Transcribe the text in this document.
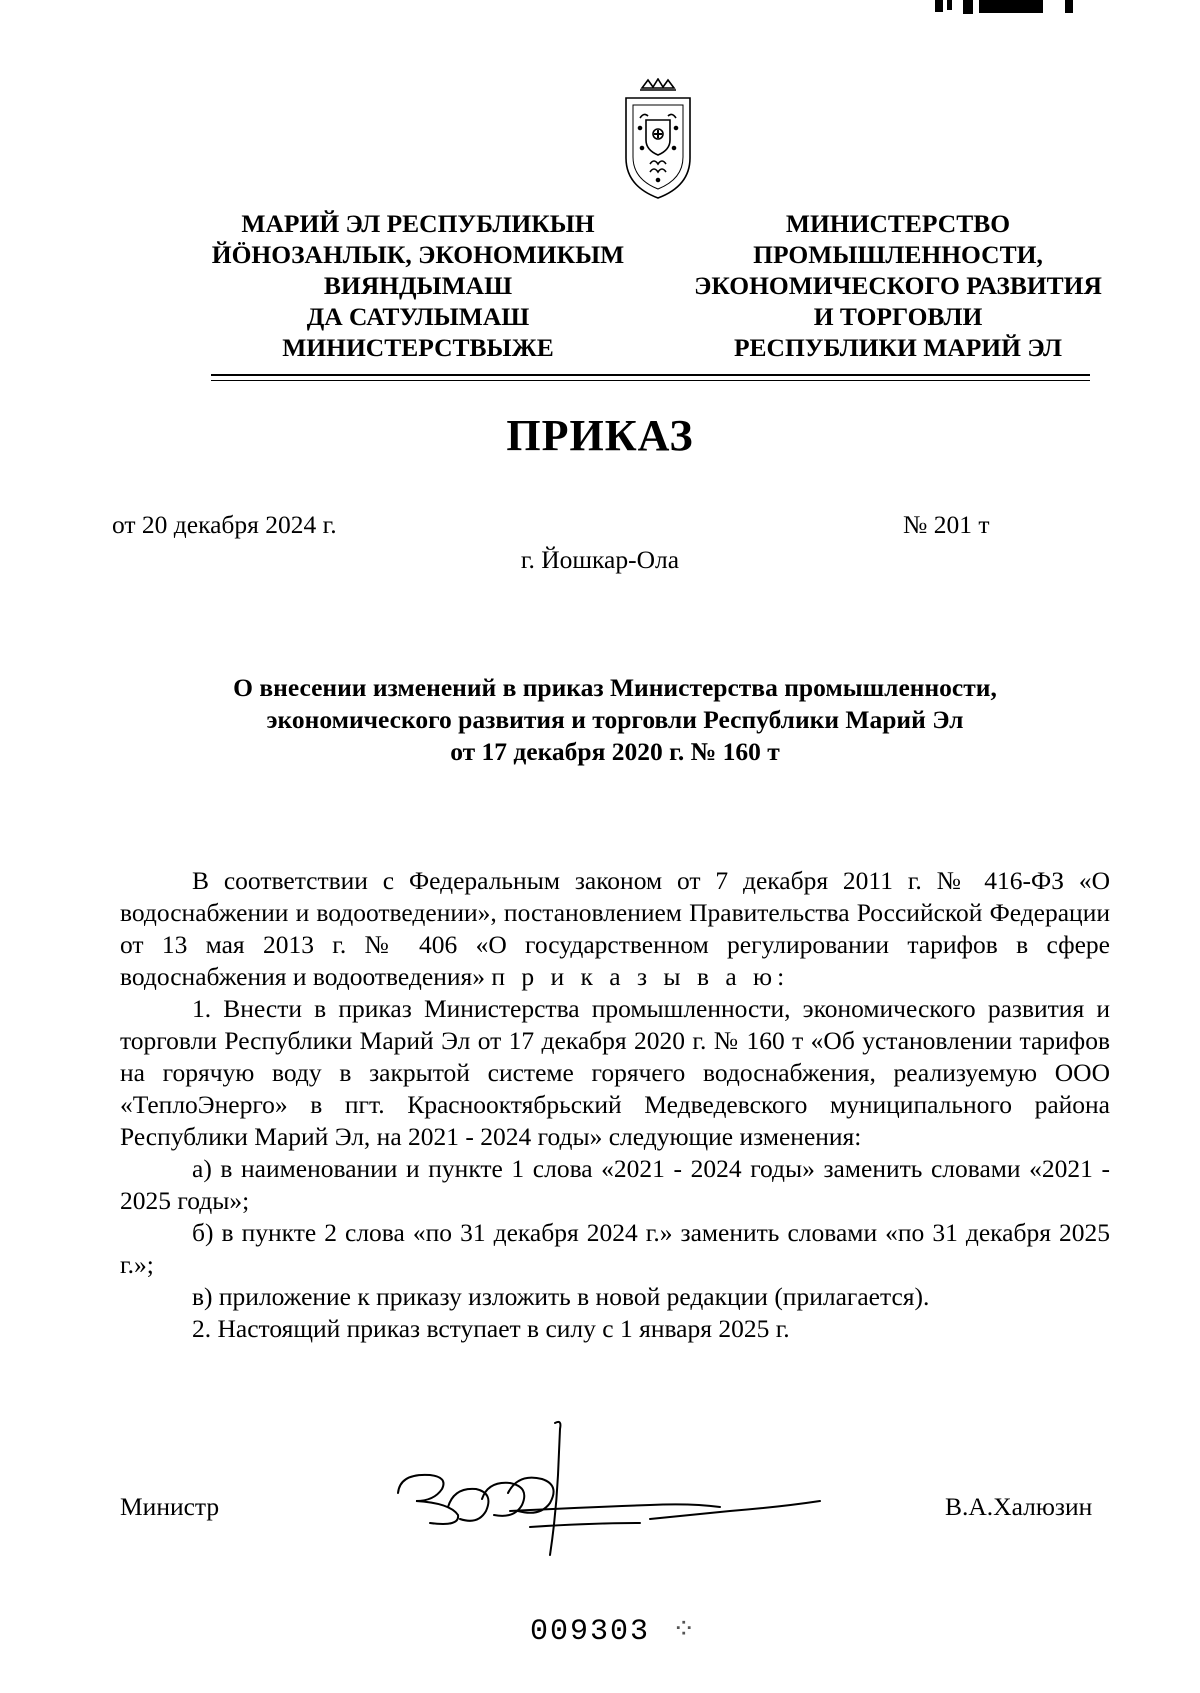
МАРИЙ ЭЛ РЕСПУБЛИКЫН
ЙӦНОЗАНЛЫК, ЭКОНОМИКЫМ
ВИЯНДЫМАШ
ДА САТУЛЫМАШ
МИНИСТЕРСТВЫЖЕ
МИНИСТЕРСТВО
ПРОМЫШЛЕННОСТИ,
ЭКОНОМИЧЕСКОГО РАЗВИТИЯ
И ТОРГОВЛИ
РЕСПУБЛИКИ МАРИЙ ЭЛ
ПРИКАЗ
от 20 декабря 2024 г.	№ 201 т
г. Йошкар-Ола
О внесении изменений в приказ Министерства промышленности,
экономического развития и торговли Республики Марий Эл
от 17 декабря 2020 г. № 160 т

В соответствии с Федеральным законом от 7 декабря 2011 г. № 416-ФЗ «О водоснабжении и водоотведении», постановлением Правительства Российской Федерации от 13 мая 2013 г. № 406 «О государственном регулировании тарифов в сфере водоснабжения и водоотведения» п р и к а з ы в а ю:

1. Внести в приказ Министерства промышленности, экономического развития и торговли Республики Марий Эл от 17 декабря 2020 г. № 160 т «Об установлении тарифов на горячую воду в закрытой системе горячего водоснабжения, реализуемую ООО «ТеплоЭнерго» в пгт. Красноoктябрьский Медведевского муниципального района Республики Марий Эл, на 2021 - 2024 годы» следующие изменения:

а) в наименовании и пункте 1 слова «2021 - 2024 годы» заменить словами «2021 - 2025 годы»;

б) в пункте 2 слова «по 31 декабря 2024 г.» заменить словами «по 31 декабря 2025 г.»;

в) приложение к приказу изложить в новой редакции (прилагается).

2. Настоящий приказ вступает в силу с 1 января 2025 г.

Министр	В.А.Халюзин
009303 ⁘
